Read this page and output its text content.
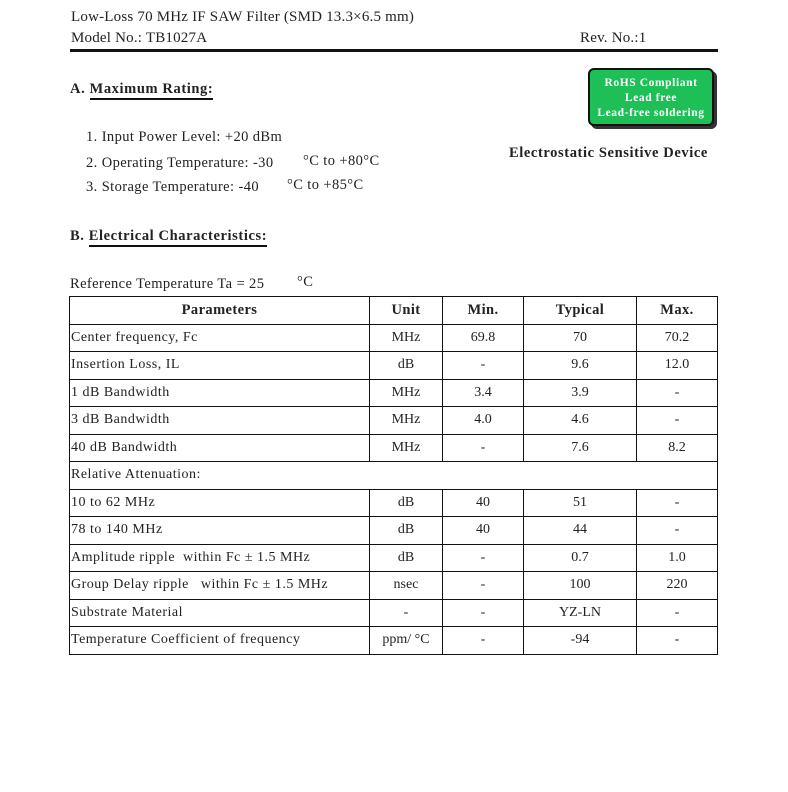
Low-Loss 70 MHz IF SAW Filter (SMD 13.3×6.5 mm)
Model No.: TB1027A	Rev. No.:1
A. Maximum Rating:	RoHS Compliant
Lead free
Lead-free soldering
Electrostatic Sensitive Device
1. Input Power Level: +20 dBm
2. Operating Temperature: -30 °C to +80°C
3. Storage Temperature: -40 °C to +85°C
B. Electrical Characteristics:
Reference Temperature Ta = 25 °C
Parameters	Unit	Min.	Typical	Max.
Center frequency, Fc	MHz	69.8	70	70.2
Insertion Loss, IL	dB	-	9.6	12.0
1 dB Bandwidth	MHz	3.4	3.9	-
3 dB Bandwidth	MHz	4.0	4.6	-
40 dB Bandwidth	MHz	-	7.6	8.2
Relative Attenuation:				
10 to 62 MHz	dB	40	51	-
78 to 140 MHz	dB	40	44	-
Amplitude ripple  within Fc ± 1.5 MHz	dB	-	0.7	1.0
Group Delay ripple   within Fc ± 1.5 MHz	nsec	-	100	220
Substrate Material	-	-	YZ-LN	-
Temperature Coefficient of frequency	ppm/ °C	-	-94	-
